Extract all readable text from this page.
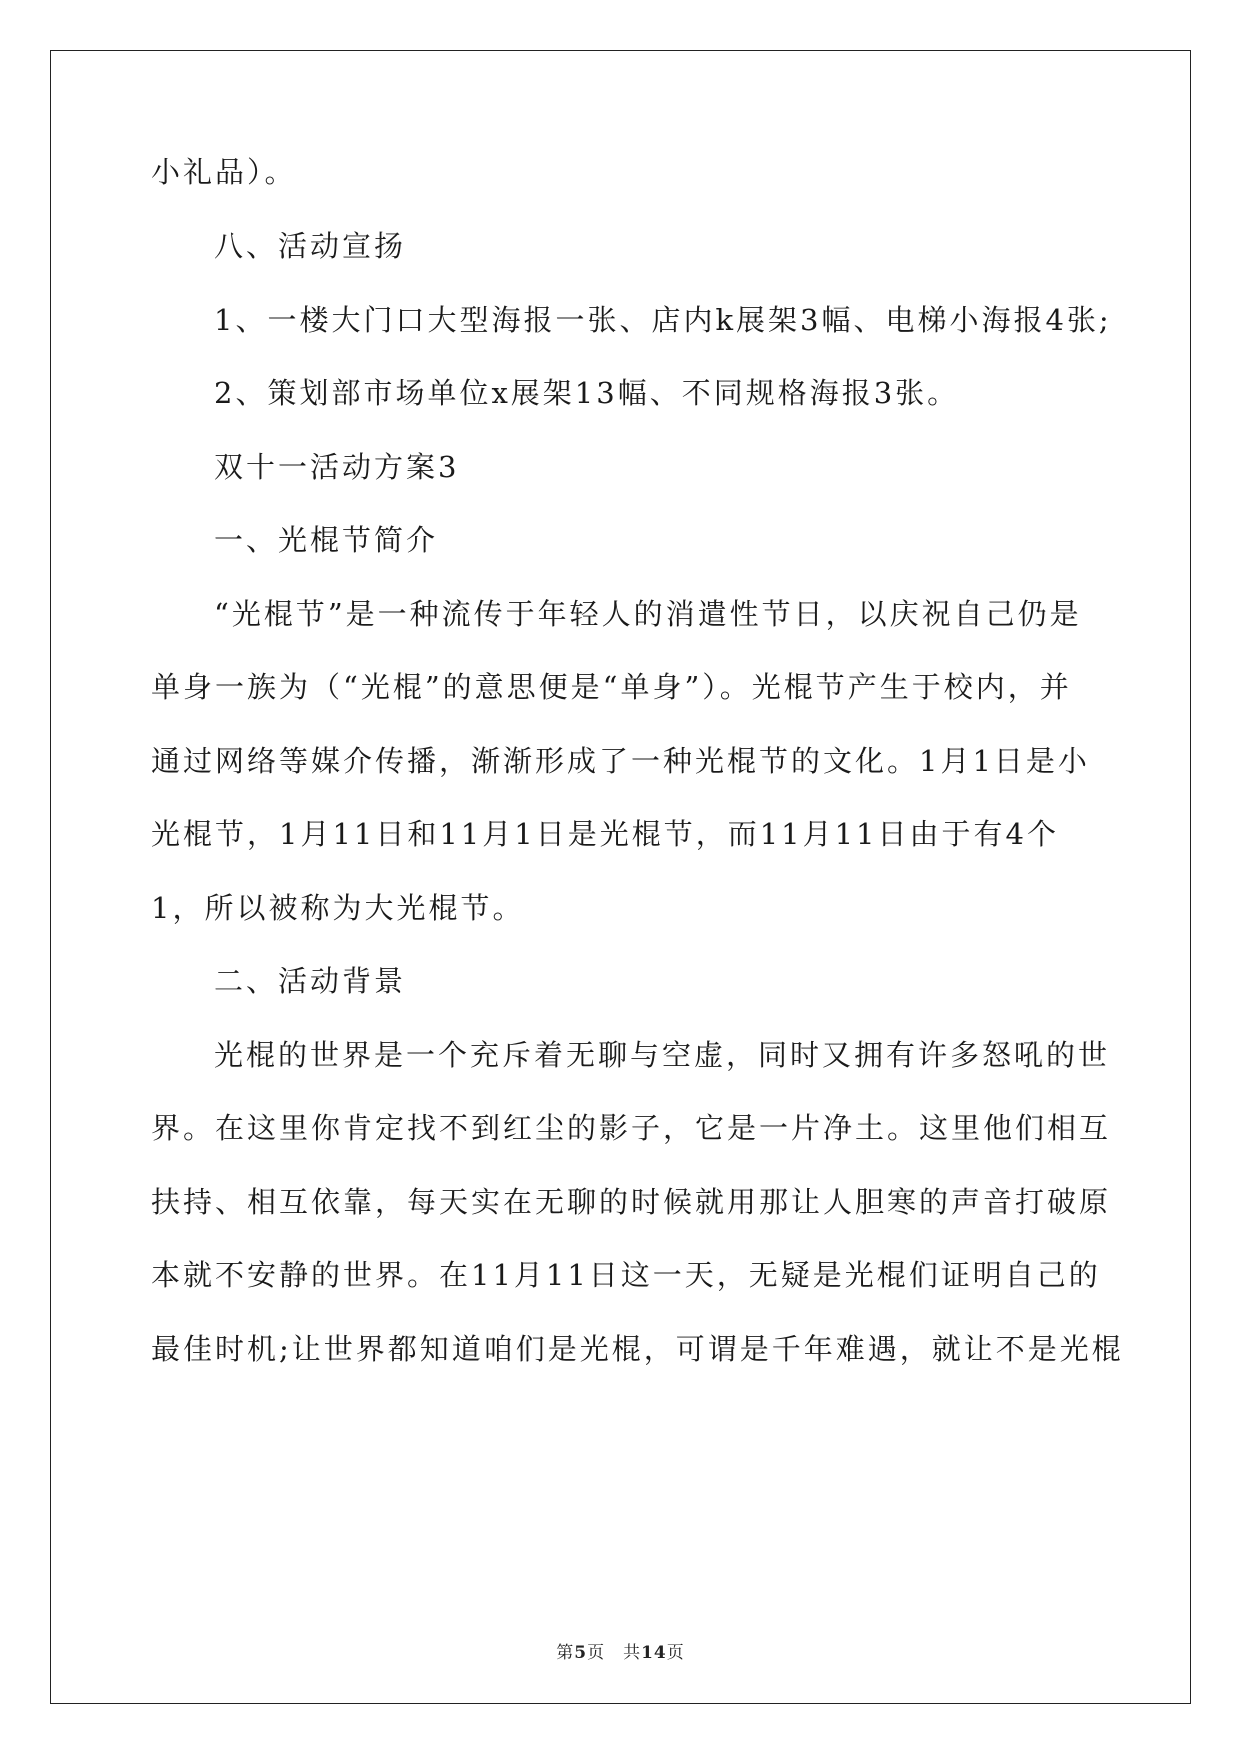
小礼品）。
八、活动宣扬
1、一楼大门口大型海报一张、店内k展架3幅、电梯小海报4张;
2、策划部市场单位x展架13幅、不同规格海报3张。
双十一活动方案3
一、光棍节简介
“光棍节”是一种流传于年轻人的消遣性节日，以庆祝自己仍是
单身一族为（“光棍”的意思便是“单身”）。光棍节产生于校内，并
通过网络等媒介传播，渐渐形成了一种光棍节的文化。1月1日是小
光棍节，1月11日和11月1日是光棍节，而11月11日由于有4个
1，所以被称为大光棍节。
二、活动背景
光棍的世界是一个充斥着无聊与空虚，同时又拥有许多怒吼的世
界。在这里你肯定找不到红尘的影子，它是一片净土。这里他们相互
扶持、相互依靠，每天实在无聊的时候就用那让人胆寒的声音打破原
本就不安静的世界。在11月11日这一天，无疑是光棍们证明自己的
最佳时机;让世界都知道咱们是光棍，可谓是千年难遇，就让不是光棍
第5页 共14页
